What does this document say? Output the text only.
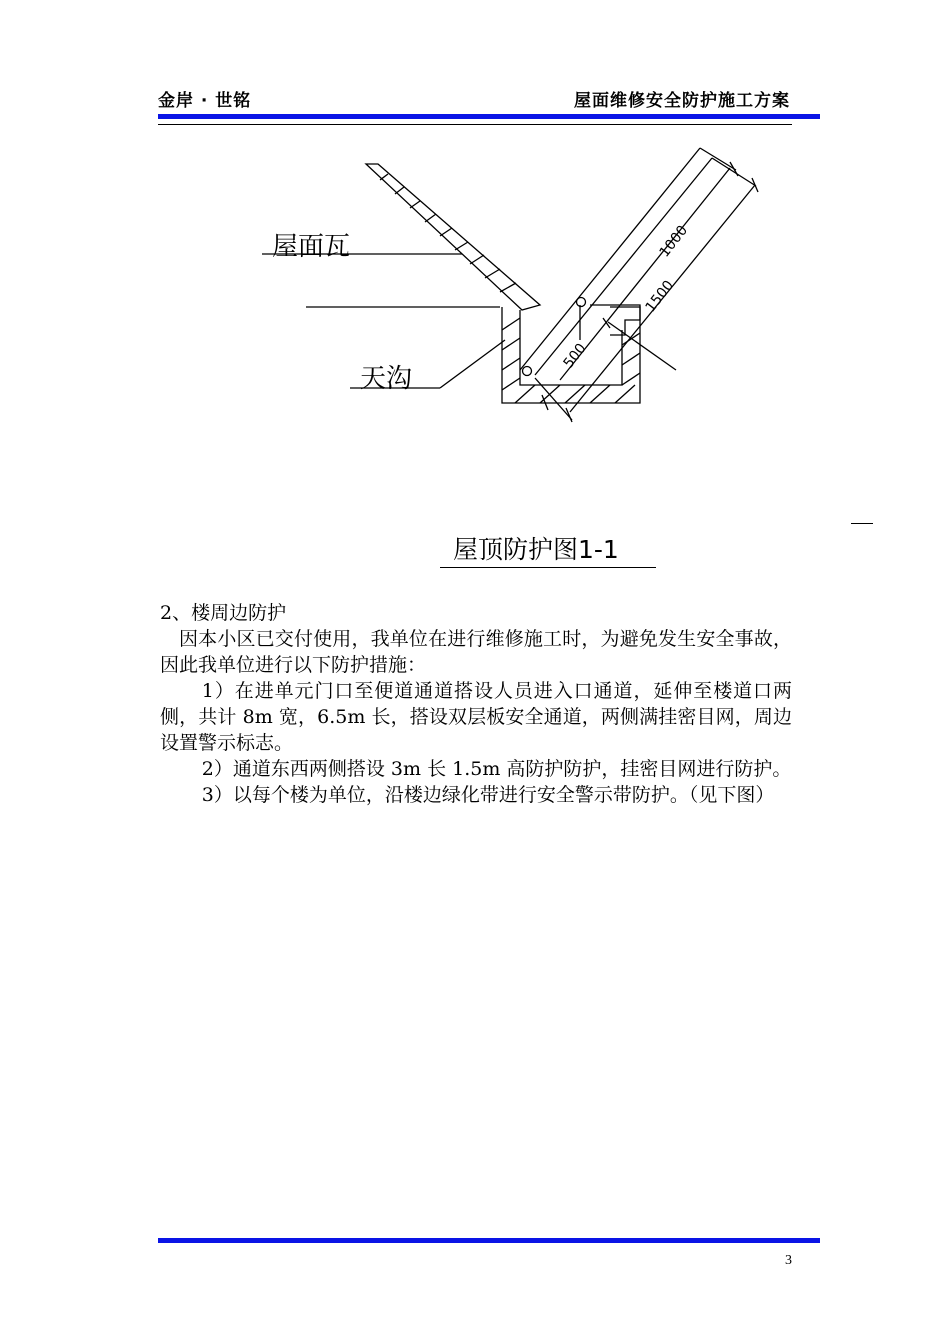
金岸 · 世铭	屋面维修安全防护施工方案
1000
1500
500
屋面瓦
天沟
屋顶防护图1-1

2、楼周边防护

因本小区已交付使用，我单位在进行维修施工时，为避免发生安全事故，因此我单位进行以下防护措施：

1）在进单元门口至便道通道搭设人员进入口通道，延伸至楼道口两侧，共计 8m 宽，6.5m 长，搭设双层板安全通道，两侧满挂密目网，周边设置警示标志。

2）通道东西两侧搭设 3m 长 1.5m 高防护防护，挂密目网进行防护。

3）以每个楼为单位，沿楼边绿化带进行安全警示带防护。（见下图）

3
